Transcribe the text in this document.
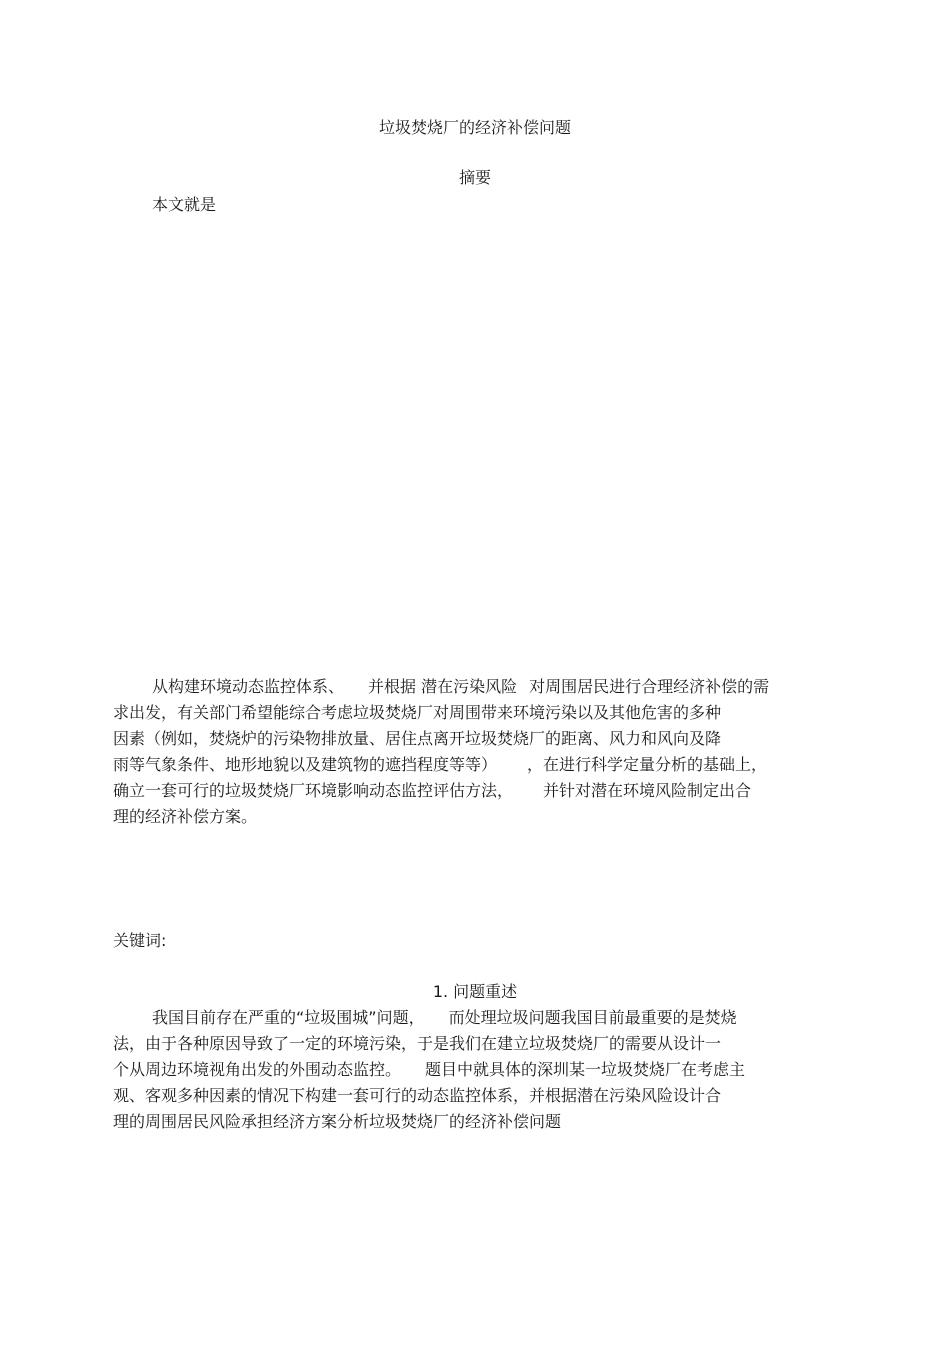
垃圾焚烧厂的经济补偿问题
摘要
本文就是
从构建环境动态监控体系、 并根据 潜在污染风险 对周围居民进行合理经济补偿的需
求出发，有关部门希望能综合考虑垃圾焚烧厂对周围带来环境污染以及其他危害的多种
因素（例如，焚烧炉的污染物排放量、居住点离开垃圾焚烧厂的距离、风力和风向及降
雨等气象条件、地形地貌以及建筑物的遮挡程度等等） ，在进行科学定量分析的基础上，
确立一套可行的垃圾焚烧厂环境影响动态监控评估方法， 并针对潜在环境风险制定出合
理的经济补偿方案。
关键词:
1. 问题重述
我国目前存在严重的“垃圾围城”问题， 而处理垃圾问题我国目前最重要的是焚烧
法，由于各种原因导致了一定的环境污染，于是我们在建立垃圾焚烧厂的需要从设计一
个从周边环境视角出发的外围动态监控。 题目中就具体的深圳某一垃圾焚烧厂在考虑主
观、客观多种因素的情况下构建一套可行的动态监控体系，并根据潜在污染风险设计合
理的周围居民风险承担经济方案分析垃圾焚烧厂的经济补偿问题
